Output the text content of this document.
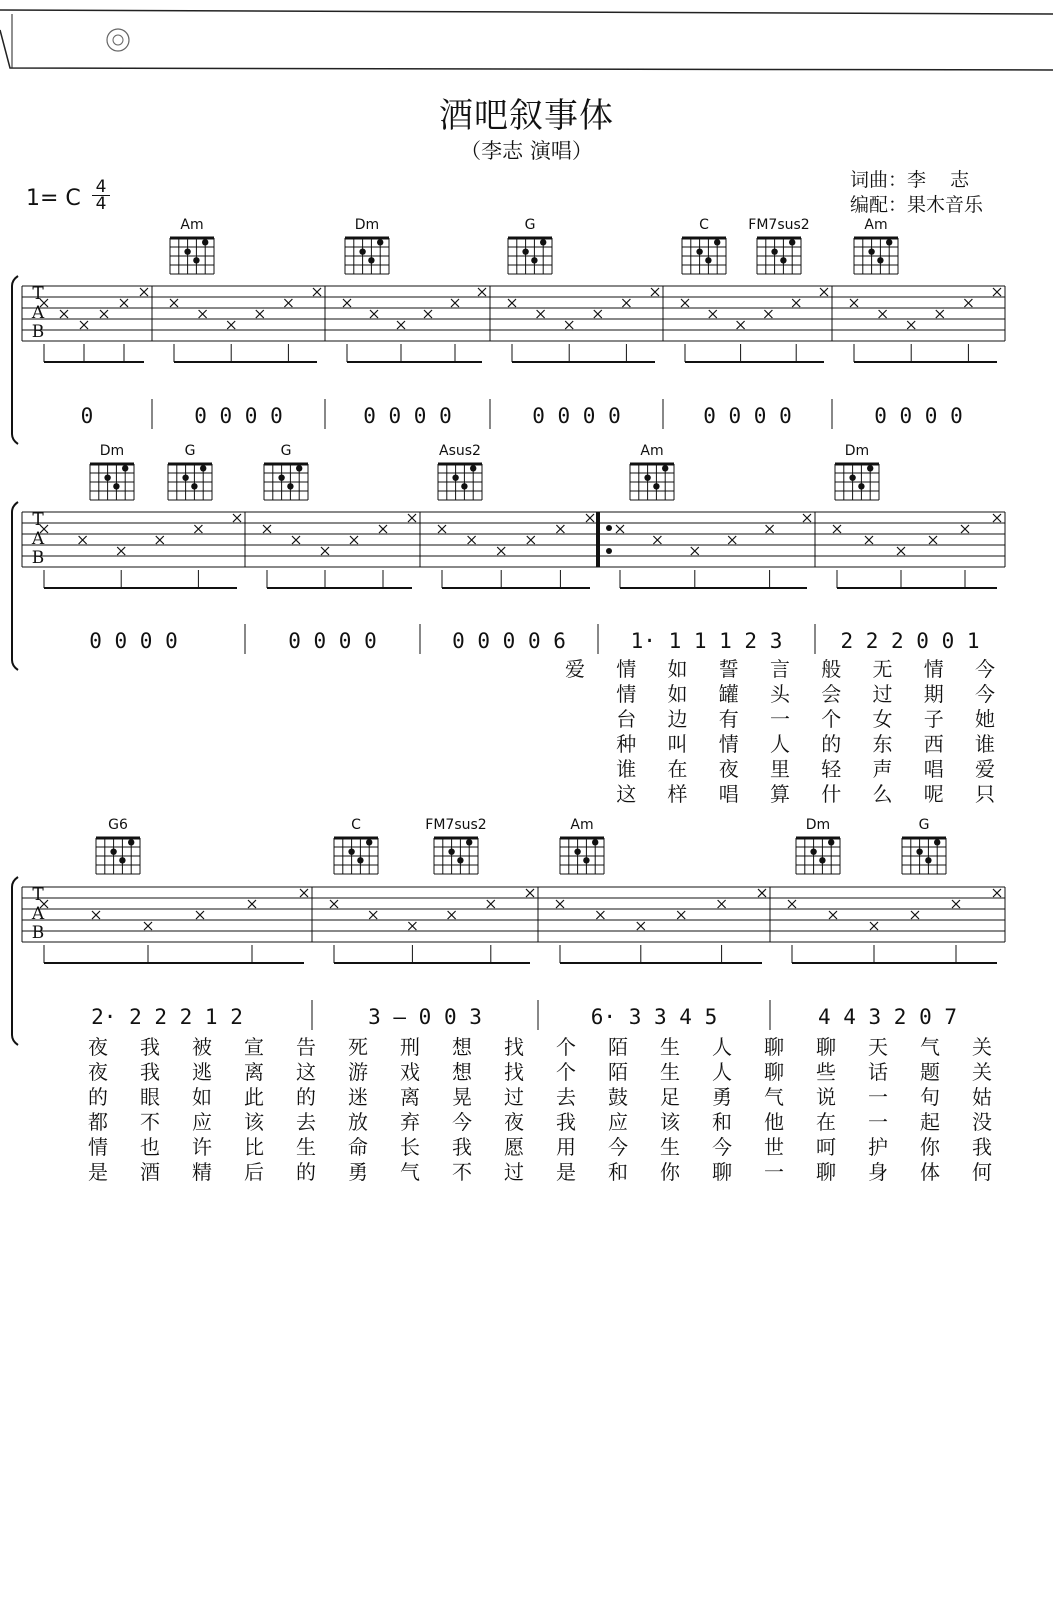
Am	Dm	G	C	FM7sus2	Am
T
A
B
0	0 0 0 0	0 0 0 0	0 0 0 0	0 0 0 0	0 0 0 0
Dm	G	G	Asus2	Am	Dm
T
A
B
0 0 0 0	0 0 0 0	0 0 0 0 6	1· 1 1 1 2 3	2 2 2 0 0 1
爱 情 如 誓 言 般 无 情 今
情 如 罐 头 会 过 期 今
台 边 有 一 个 女 子 她
种 叫 情 人 的 东 西 谁
谁 在 夜 里 轻 声 唱 爱
这 样 唱 算 什 么 呢 只
G6	C	FM7sus2	Am	Dm	G
T
A
B
2· 2 2 2 1 2	3 – 0 0 3	6· 3 3 4 5	4 4 3 2 0 7
夜 我 被 宣 告 死 刑 想 找 个 陌 生 人 聊 聊 天 气 关
夜 我 逃 离 这 游 戏 想 找 个 陌 生 人 聊 些 话 题 关
的 眼 如 此 的 迷 离 晃 过 去 鼓 足 勇 气 说 一 句 姑
都 不 应 该 去 放 弃 今 夜 我 应 该 和 他 在 一 起 没
情 也 许 比 生 命 长 我 愿 用 今 生 今 世 呵 护 你 我
是 酒 精 后 的 勇 气 不 过 是 和 你 聊 一 聊 身 体 何
酒吧叙事体
（李志 演唱）
1= C 4
4
词曲：李    志
编配：果木音乐
